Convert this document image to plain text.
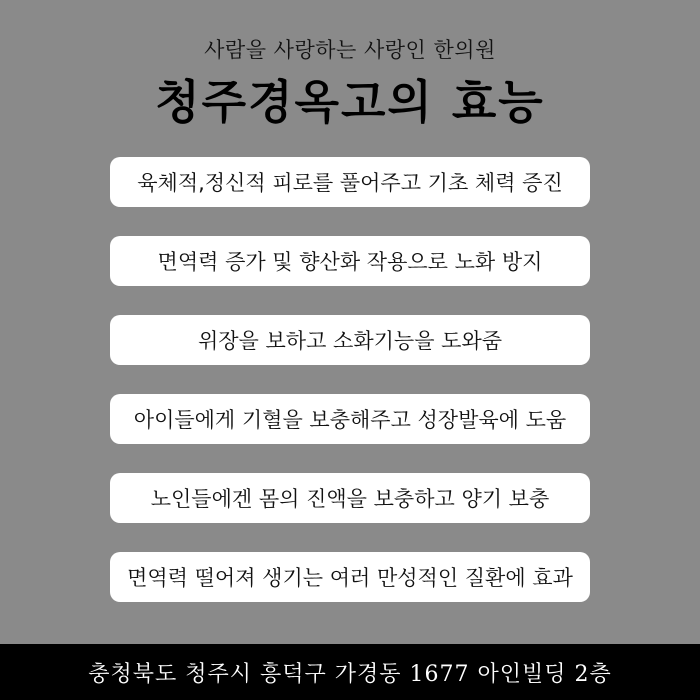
사람을 사랑하는 사랑인 한의원
청주경옥고의 효능
육체적,정신적 피로를 풀어주고 기초 체력 증진
면역력 증가 및 향산화 작용으로 노화 방지
위장을 보하고 소화기능을 도와줌
아이들에게 기혈을 보충해주고 성장발육에 도움
노인들에겐 몸의 진액을 보충하고 양기 보충
면역력 떨어져 생기는 여러 만성적인 질환에 효과
충청북도 청주시 흥덕구 가경동 1677 아인빌딩 2층
